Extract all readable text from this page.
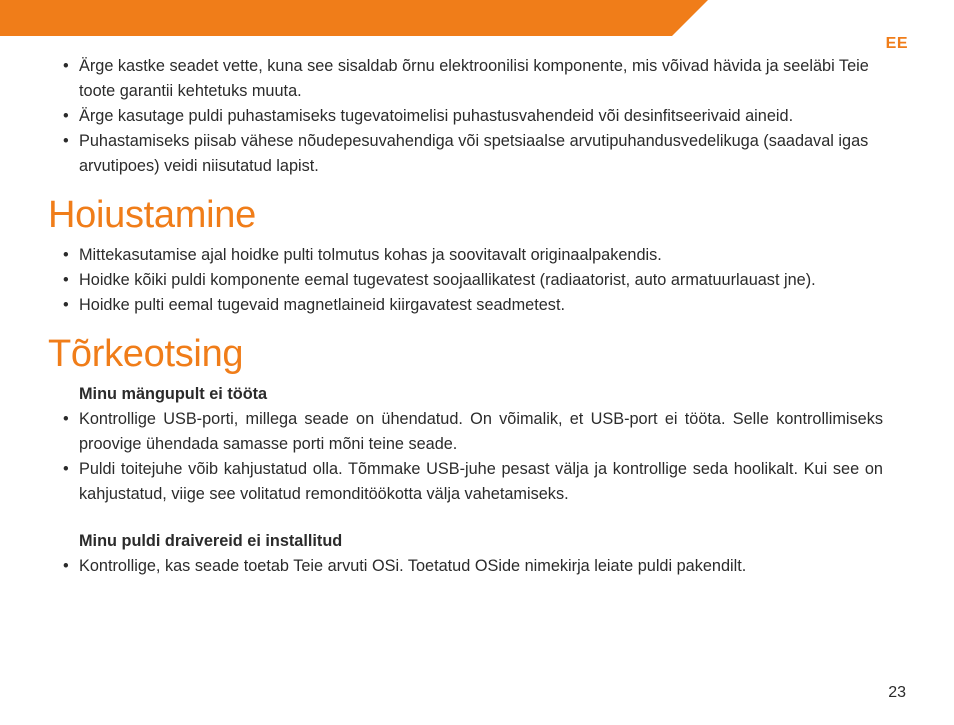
EE
• Ärge kastke seadet vette, kuna see sisaldab õrnu elektroonilisi komponente, mis võivad hävida ja seeläbi Teie toote garantii kehtetuks muuta.
• Ärge kasutage puldi puhastamiseks tugevatoimelisi puhastusvahendeid või desinfitseerivaid aineid.
• Puhastamiseks piisab vähese nõudepesuvahendiga või spetsiaalse arvutipuhandusvedelikuga (saadaval igas arvutipoes) veidi niisutatud lapist.
Hoiustamine
• Mittekasutamise ajal hoidke pulti tolmutus kohas ja soovitavalt originaalpakendis.
• Hoidke kõiki puldi komponente eemal tugevatest soojaallikatest (radiaatorist, auto armatuurlauast jne).
• Hoidke pulti eemal tugevaid magnetlaineid kiirgavatest seadmetest.
Tõrkeotsing
Minu mängupult ei tööta
• Kontrollige USB-porti, millega seade on ühendatud. On võimalik, et USB-port ei tööta. Selle kontrollimiseks proovige ühendada samasse porti mõni teine seade.
• Puldi toitejuhe võib kahjustatud olla. Tõmmake USB-juhe pesast välja ja kontrollige seda hoolikalt. Kui see on kahjustatud, viige see volitatud remonditöökotta välja vahetamiseks.
Minu puldi draivereid ei installitud
• Kontrollige, kas seade toetab Teie arvuti OSi. Toetatud OSide nimekirja leiate puldi pakendilt.
23
